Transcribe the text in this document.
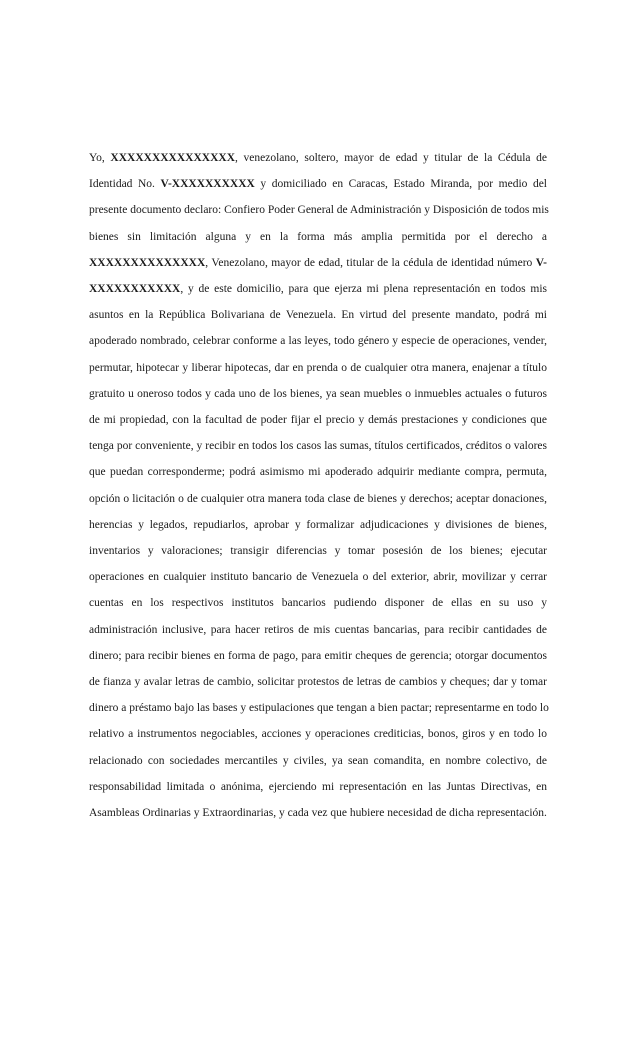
Yo, XXXXXXXXXXXXXXX, venezolano, soltero, mayor de edad y titular de la Cédula de
Identidad No. V-XXXXXXXXXX y domiciliado en Caracas, Estado Miranda, por medio del
presente documento declaro: Confiero Poder General de Administración y Disposición de todos mis
bienes sin limitación alguna y en la forma más amplia permitida por el derecho a
XXXXXXXXXXXXXX, Venezolano, mayor de edad, titular de la cédula de identidad número V-
XXXXXXXXXXX, y de este domicilio, para que ejerza mi plena representación en todos mis
asuntos en la República Bolivariana de Venezuela. En virtud del presente mandato, podrá mi
apoderado nombrado, celebrar conforme a las leyes, todo género y especie de operaciones, vender,
permutar, hipotecar y liberar hipotecas, dar en prenda o de cualquier otra manera, enajenar a título
gratuito u oneroso todos y cada uno de los bienes, ya sean muebles o inmuebles actuales o futuros
de mi propiedad, con la facultad de poder fijar el precio y demás prestaciones y condiciones que
tenga por conveniente, y recibir en todos los casos las sumas, títulos certificados, créditos o valores
que puedan corresponderme; podrá asimismo mi apoderado adquirir mediante compra, permuta,
opción o licitación o de cualquier otra manera toda clase de bienes y derechos; aceptar donaciones,
herencias y legados, repudiarlos, aprobar y formalizar adjudicaciones y divisiones de bienes,
inventarios y valoraciones; transigir diferencias y tomar posesión de los bienes; ejecutar
operaciones en cualquier instituto bancario de Venezuela o del exterior, abrir, movilizar y cerrar
cuentas en los respectivos institutos bancarios pudiendo disponer de ellas en su uso y
administración inclusive, para hacer retiros de mis cuentas bancarias, para recibir cantidades de
dinero; para recibir bienes en forma de pago, para emitir cheques de gerencia; otorgar documentos
de fianza y avalar letras de cambio, solicitar protestos de letras de cambios y cheques; dar y tomar
dinero a préstamo bajo las bases y estipulaciones que tengan a bien pactar; representarme en todo lo
relativo a instrumentos negociables, acciones y operaciones crediticias, bonos, giros y en todo lo
relacionado con sociedades mercantiles y civiles, ya sean comandita, en nombre colectivo, de
responsabilidad limitada o anónima, ejerciendo mi representación en las Juntas Directivas, en
Asambleas Ordinarias y Extraordinarias, y cada vez que hubiere necesidad de dicha representación.
